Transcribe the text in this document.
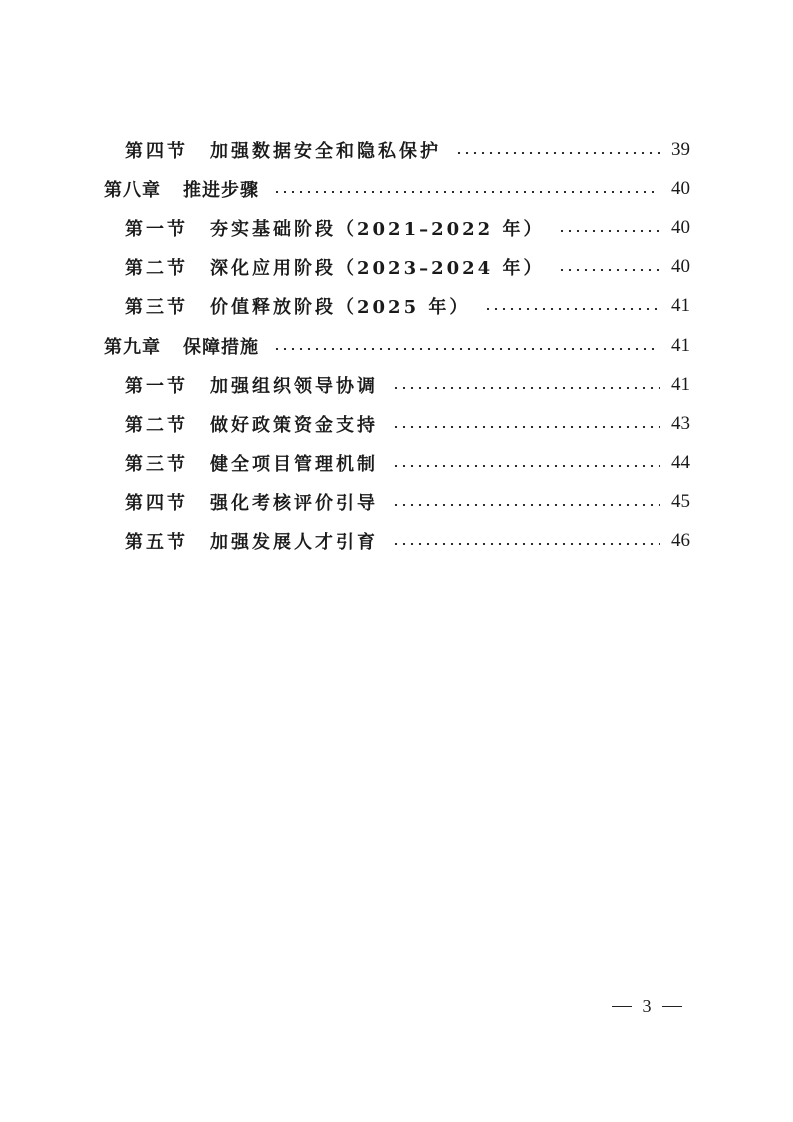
第四节 加强数据安全和隐私保护	39
第八章 推进步骤	40
第一节 夯实基础阶段（2021–2022 年）	40
第二节 深化应用阶段（2023–2024 年）	40
第三节 价值释放阶段（2025 年）	41
第九章 保障措施	41
第一节 加强组织领导协调	41
第二节 做好政策资金支持	43
第三节 健全项目管理机制	44
第四节 强化考核评价引导	45
第五节 加强发展人才引育	46
3
